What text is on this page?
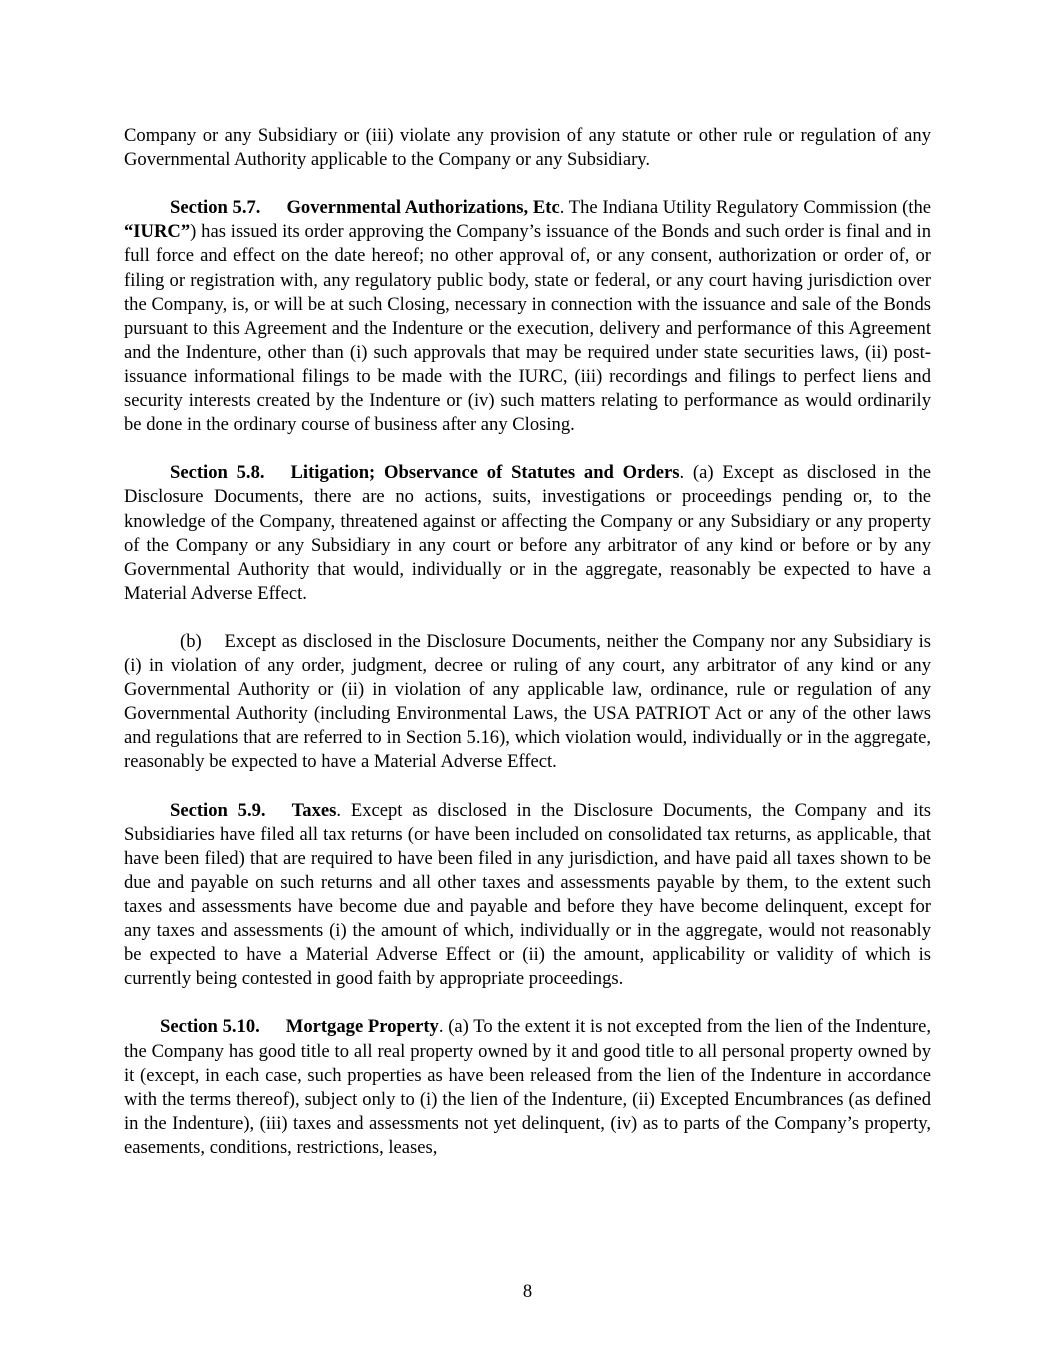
Company or any Subsidiary or (iii) violate any provision of any statute or other rule or regulation of any Governmental Authority applicable to the Company or any Subsidiary.

Section 5.7. Governmental Authorizations, Etc. The Indiana Utility Regulatory Commission (the “IURC”) has issued its order approving the Company’s issuance of the Bonds and such order is final and in full force and effect on the date hereof; no other approval of, or any consent, authorization or order of, or filing or registration with, any regulatory public body, state or federal, or any court having jurisdiction over the Company, is, or will be at such Closing, necessary in connection with the issuance and sale of the Bonds pursuant to this Agreement and the Indenture or the execution, delivery and performance of this Agreement and the Indenture, other than (i) such approvals that may be required under state securities laws, (ii) post-issuance informational filings to be made with the IURC, (iii) recordings and filings to perfect liens and security interests created by the Indenture or (iv) such matters relating to performance as would ordinarily be done in the ordinary course of business after any Closing.

Section 5.8. Litigation; Observance of Statutes and Orders. (a) Except as disclosed in the Disclosure Documents, there are no actions, suits, investigations or proceedings pending or, to the knowledge of the Company, threatened against or affecting the Company or any Subsidiary or any property of the Company or any Subsidiary in any court or before any arbitrator of any kind or before or by any Governmental Authority that would, individually or in the aggregate, reasonably be expected to have a Material Adverse Effect.

(b)    Except as disclosed in the Disclosure Documents, neither the Company nor any Subsidiary is (i) in violation of any order, judgment, decree or ruling of any court, any arbitrator of any kind or any Governmental Authority or (ii) in violation of any applicable law, ordinance, rule or regulation of any Governmental Authority (including Environmental Laws, the USA PATRIOT Act or any of the other laws and regulations that are referred to in Section 5.16), which violation would, individually or in the aggregate, reasonably be expected to have a Material Adverse Effect.

Section 5.9. Taxes. Except as disclosed in the Disclosure Documents, the Company and its Subsidiaries have filed all tax returns (or have been included on consolidated tax returns, as applicable, that have been filed) that are required to have been filed in any jurisdiction, and have paid all taxes shown to be due and payable on such returns and all other taxes and assessments payable by them, to the extent such taxes and assessments have become due and payable and before they have become delinquent, except for any taxes and assessments (i) the amount of which, individually or in the aggregate, would not reasonably be expected to have a Material Adverse Effect or (ii) the amount, applicability or validity of which is currently being contested in good faith by appropriate proceedings.

Section 5.10. Mortgage Property. (a) To the extent it is not excepted from the lien of the Indenture, the Company has good title to all real property owned by it and good title to all personal property owned by it (except, in each case, such properties as have been released from the lien of the Indenture in accordance with the terms thereof), subject only to (i) the lien of the Indenture, (ii) Excepted Encumbrances (as defined in the Indenture), (iii) taxes and assessments not yet delinquent, (iv) as to parts of the Company’s property, easements, conditions, restrictions, leases,

8
